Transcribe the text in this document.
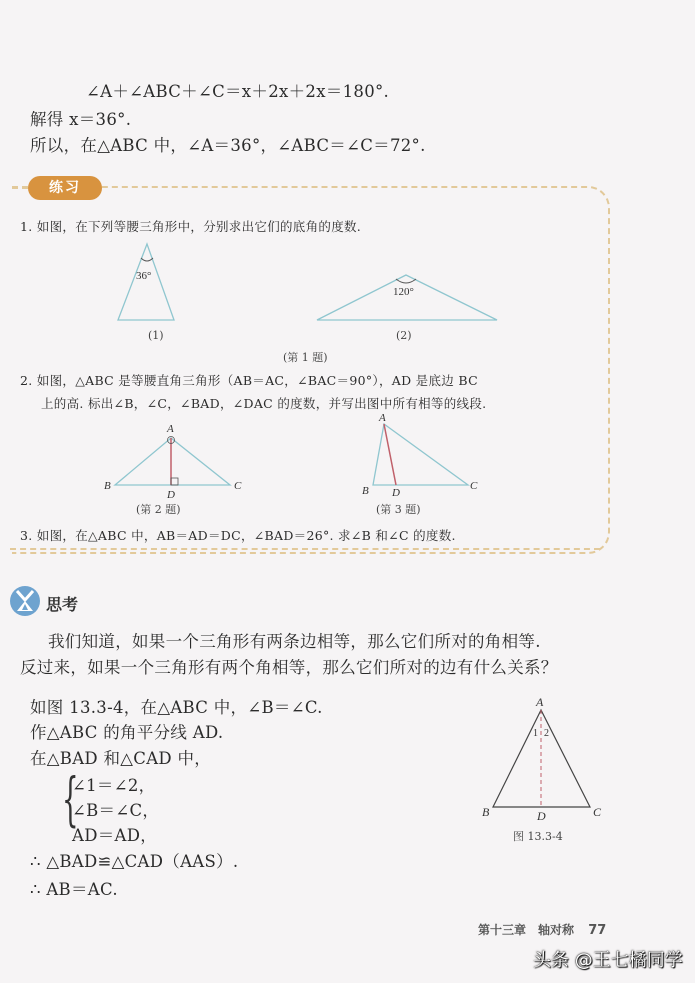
∠A＋∠ABC＋∠C＝x＋2x＋2x＝180°.
解得 x＝36°.
所以，在△ABC 中，∠A＝36°，∠ABC＝∠C＝72°.
练习
1. 如图，在下列等腰三角形中，分别求出它们的底角的度数.
36°
120°
(1)	(2)
(第 1 题)
2. 如图，△ABC 是等腰直角三角形（AB＝AC，∠BAC＝90°），AD 是底边 BC
上的高. 标出∠B，∠C，∠BAD，∠DAC 的度数，并写出图中所有相等的线段.
A
B	C
D
A
B	C
D
(第 2 题)	(第 3 题)
3. 如图，在△ABC 中，AB＝AD＝DC，∠BAD＝26°. 求∠B 和∠C 的度数.
思考
我们知道，如果一个三角形有两条边相等，那么它们所对的角相等.
反过来，如果一个三角形有两个角相等，那么它们所对的边有什么关系？
如图 13.3-4，在△ABC 中，∠B＝∠C.
作△ABC 的角平分线 AD.
在△BAD 和△CAD 中，
{
∠1＝∠2，
∠B＝∠C，
AD＝AD，
∴ △BAD≌△CAD（AAS）.
∴ AB＝AC.
A
B	C
D
1 2
图 13.3-4
第十三章　轴对称 77
头条 @王七橘同学
